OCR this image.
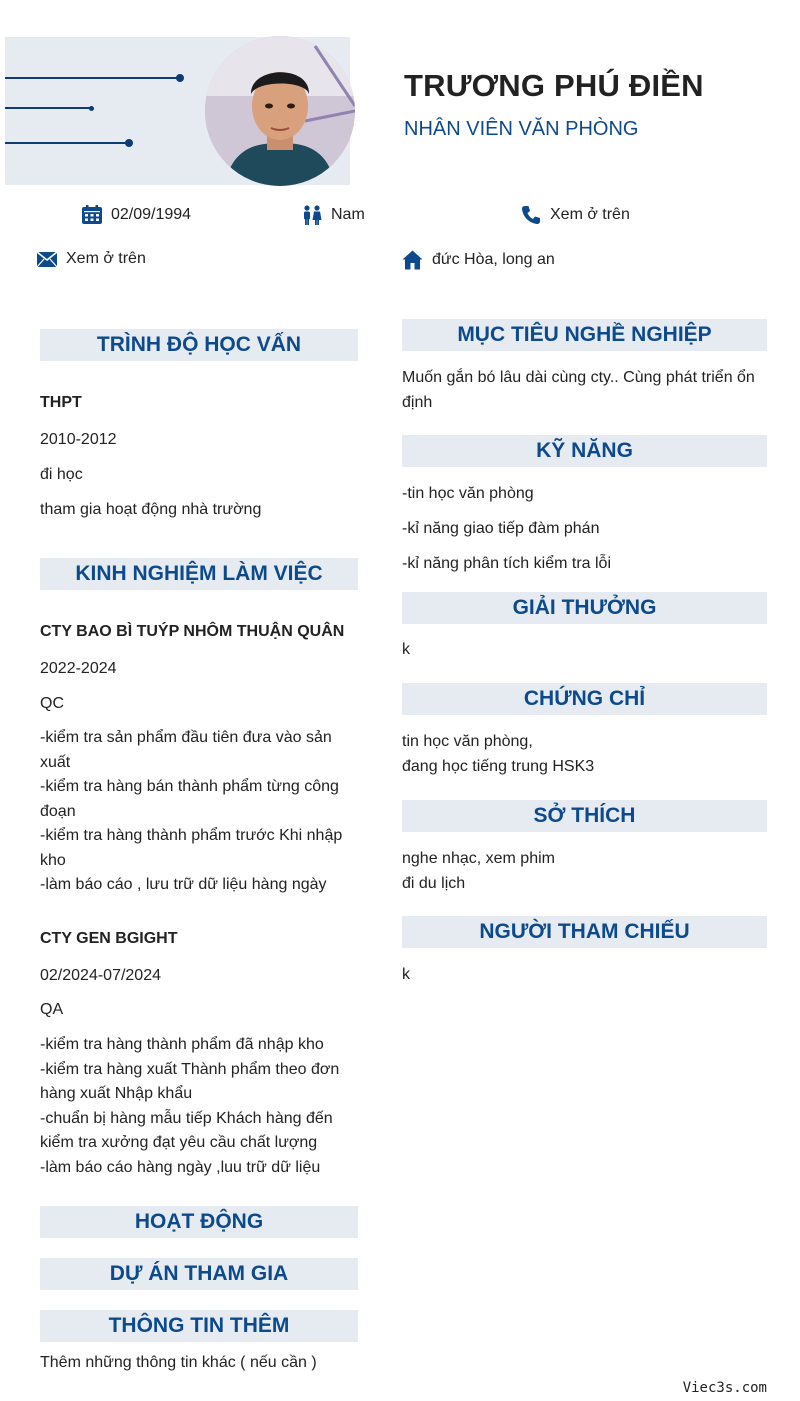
TRƯƠNG PHÚ ĐIỀN
NHÂN VIÊN VĂN PHÒNG
02/09/1994	Nam	Xem ở trên
Xem ở trên	đức Hòa, long an
TRÌNH ĐỘ HỌC VẤN
THPT
2010-2012
đi học
tham gia hoạt động nhà trường
KINH NGHIỆM LÀM VIỆC
CTY BAO BÌ TUÝP NHÔM THUẬN QUÂN
2022-2024
QC
-kiểm tra sản phẩm đầu tiên đưa vào sản xuất
-kiểm tra hàng bán thành phẩm từng công đoạn
-kiểm tra hàng thành phẩm trước Khi nhập kho
-làm báo cáo , lưu trữ dữ liệu hàng ngày
CTY GEN BGIGHT
02/2024-07/2024
QA
-kiểm tra hàng thành phẩm đã nhập kho
-kiểm tra hàng xuất Thành phẩm theo đơn hàng xuất Nhập khẩu
-chuẩn bị hàng mẫu tiếp Khách hàng đến kiểm tra xưởng đạt yêu cầu chất lượng
-làm báo cáo hàng ngày ,luu trữ dữ liệu
HOẠT ĐỘNG
DỰ ÁN THAM GIA
THÔNG TIN THÊM
Thêm những thông tin khác ( nếu cần )
MỤC TIÊU NGHỀ NGHIỆP
Muốn gắn bó lâu dài cùng cty.. Cùng phát triển ổn định
KỸ NĂNG
-tin học văn phòng
-kỉ năng giao tiếp đàm phán
-kỉ năng phân tích kiểm tra lỗi
GIẢI THƯỞNG
k
CHỨNG CHỈ
tin học văn phòng,
đang học tiếng trung HSK3
SỞ THÍCH
nghe nhạc, xem phim
đi du lịch
NGƯỜI THAM CHIẾU
k
Viec3s.com
